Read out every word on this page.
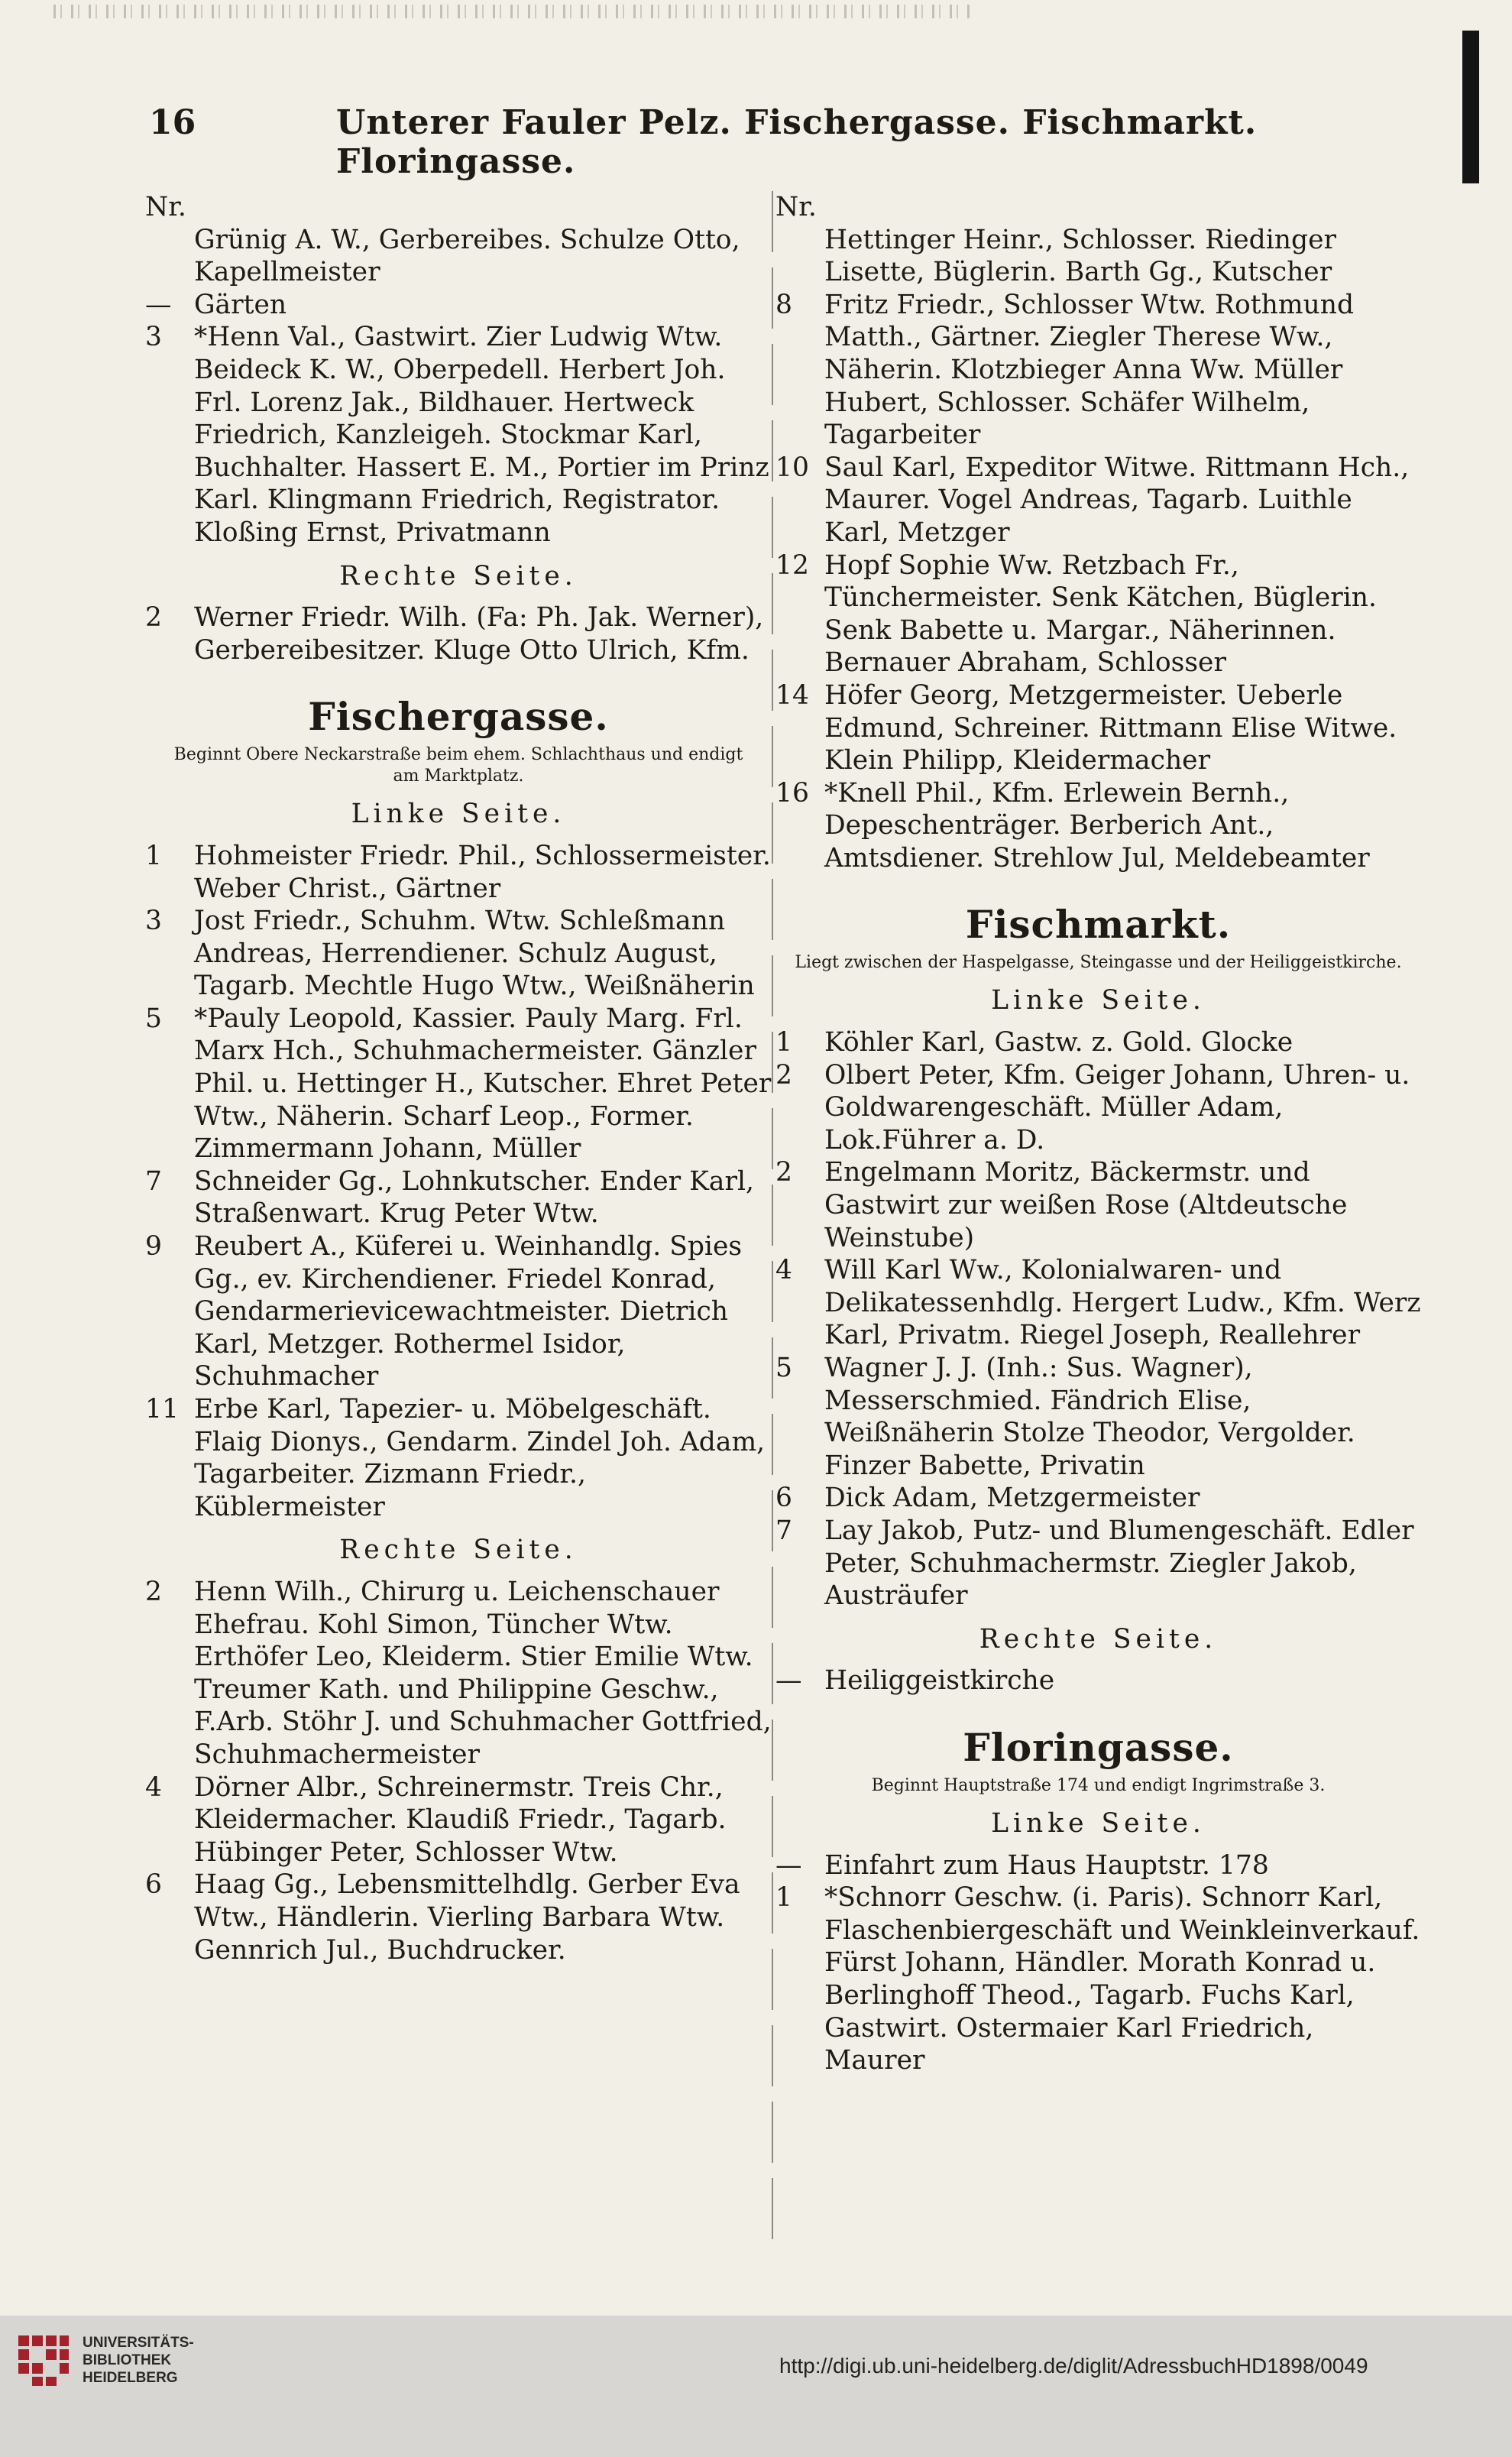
16	Unterer Fauler Pelz. Fischergasse. Fischmarkt. Floringasse.

Nr.

Grünig A. W., Gerbereibes. Schulze Otto, Kapellmeister

— Gärten

3	*Henn Val., Gastwirt. Zier Ludwig Wtw. Beideck K. W., Oberpedell. Herbert Joh. Frl. Lorenz Jak., Bildhauer. Hertweck Friedrich, Kanzleigeh. Stockmar Karl, Buchhalter. Hassert E. M., Portier im Prinz Karl. Klingmann Friedrich, Registrator. Kloßing Ernst, Privatmann

Rechte Seite.
2	Werner Friedr. Wilh. (Fa: Ph. Jak. Werner), Gerbereibesitzer. Kluge Otto Ulrich, Kfm.

Fischergasse.
Beginnt Obere Neckarstraße beim ehem. Schlachthaus und endigt am Marktplatz.
Linke Seite.
1	Hohmeister Friedr. Phil., Schlossermeister. Weber Christ., Gärtner

3	Jost Friedr., Schuhm. Wtw. Schleßmann Andreas, Herrendiener. Schulz August, Tagarb. Mechtle Hugo Wtw., Weißnäherin

5	*Pauly Leopold, Kassier. Pauly Marg. Frl. Marx Hch., Schuhmachermeister. Gänzler Phil. u. Hettinger H., Kutscher. Ehret Peter Wtw., Näherin. Scharf Leop., Former. Zimmermann Johann, Müller

7	Schneider Gg., Lohnkutscher. Ender Karl, Straßenwart. Krug Peter Wtw.

9	Reubert A., Küferei u. Weinhandlg. Spies Gg., ev. Kirchendiener. Friedel Konrad, Gendarmerievicewachtmeister. Dietrich Karl, Metzger. Rothermel Isidor, Schuhmacher

11 Erbe Karl, Tapezier- u. Möbelgeschäft. Flaig Dionys., Gendarm. Zindel Joh. Adam, Tagarbeiter. Zizmann Friedr., Küblermeister

Rechte Seite.
2	Henn Wilh., Chirurg u. Leichenschauer Ehefrau. Kohl Simon, Tüncher Wtw. Erthöfer Leo, Kleiderm. Stier Emilie Wtw. Treumer Kath. und Philippine Geschw., F.Arb. Stöhr J. und Schuhmacher Gottfried, Schuhmachermeister

4	Dörner Albr., Schreinermstr. Treis Chr., Kleidermacher. Klaudiß Friedr., Tagarb. Hübinger Peter, Schlosser Wtw.

6	Haag Gg., Lebensmittelhdlg. Gerber Eva Wtw., Händlerin. Vierling Barbara Wtw. Gennrich Jul., Buchdrucker.

Nr.

Hettinger Heinr., Schlosser. Riedinger Lisette, Büglerin. Barth Gg., Kutscher

8	Fritz Friedr., Schlosser Wtw. Rothmund Matth., Gärtner. Ziegler Therese Ww., Näherin. Klotzbieger Anna Ww. Müller Hubert, Schlosser. Schäfer Wilhelm, Tagarbeiter

10 Saul Karl, Expeditor Witwe. Rittmann Hch., Maurer. Vogel Andreas, Tagarb. Luithle Karl, Metzger

12 Hopf Sophie Ww. Retzbach Fr., Tünchermeister. Senk Kätchen, Büglerin. Senk Babette u. Margar., Näherinnen. Bernauer Abraham, Schlosser

14 Höfer Georg, Metzgermeister. Ueberle Edmund, Schreiner. Rittmann Elise Witwe. Klein Philipp, Kleidermacher

16 *Knell Phil., Kfm. Erlewein Bernh., Depeschenträger. Berberich Ant., Amtsdiener. Strehlow Jul, Meldebeamter

Fischmarkt.
Liegt zwischen der Haspelgasse, Steingasse und der Heiliggeistkirche.
Linke Seite.
1	Köhler Karl, Gastw. z. Gold. Glocke

2	Olbert Peter, Kfm. Geiger Johann, Uhren- u. Goldwarengeschäft. Müller Adam, Lok.Führer a. D.

2	Engelmann Moritz, Bäckermstr. und Gastwirt zur weißen Rose (Altdeutsche Weinstube)

4	Will Karl Ww., Kolonialwaren- und Delikatessenhdlg. Hergert Ludw., Kfm. Werz Karl, Privatm. Riegel Joseph, Reallehrer

5	Wagner J. J. (Inh.: Sus. Wagner), Messerschmied. Fändrich Elise, Weißnäherin Stolze Theodor, Vergolder. Finzer Babette, Privatin

6	Dick Adam, Metzgermeister

7	Lay Jakob, Putz- und Blumengeschäft. Edler Peter, Schuhmachermstr. Ziegler Jakob, Austräufer

Rechte Seite.
— Heiliggeistkirche

Floringasse.
Beginnt Hauptstraße 174 und endigt Ingrimstraße 3.
Linke Seite.
— Einfahrt zum Haus Hauptstr. 178

1	*Schnorr Geschw. (i. Paris). Schnorr Karl, Flaschenbiergeschäft und Weinkleinverkauf. Fürst Johann, Händler. Morath Konrad u. Berlinghoff Theod., Tagarb. Fuchs Karl, Gastwirt. Ostermaier Karl Friedrich, Maurer

UNIVERSITÄTS-
BIBLIOTHEK
HEIDELBERG
http://digi.ub.uni-heidelberg.de/diglit/AdressbuchHD1898/0049
